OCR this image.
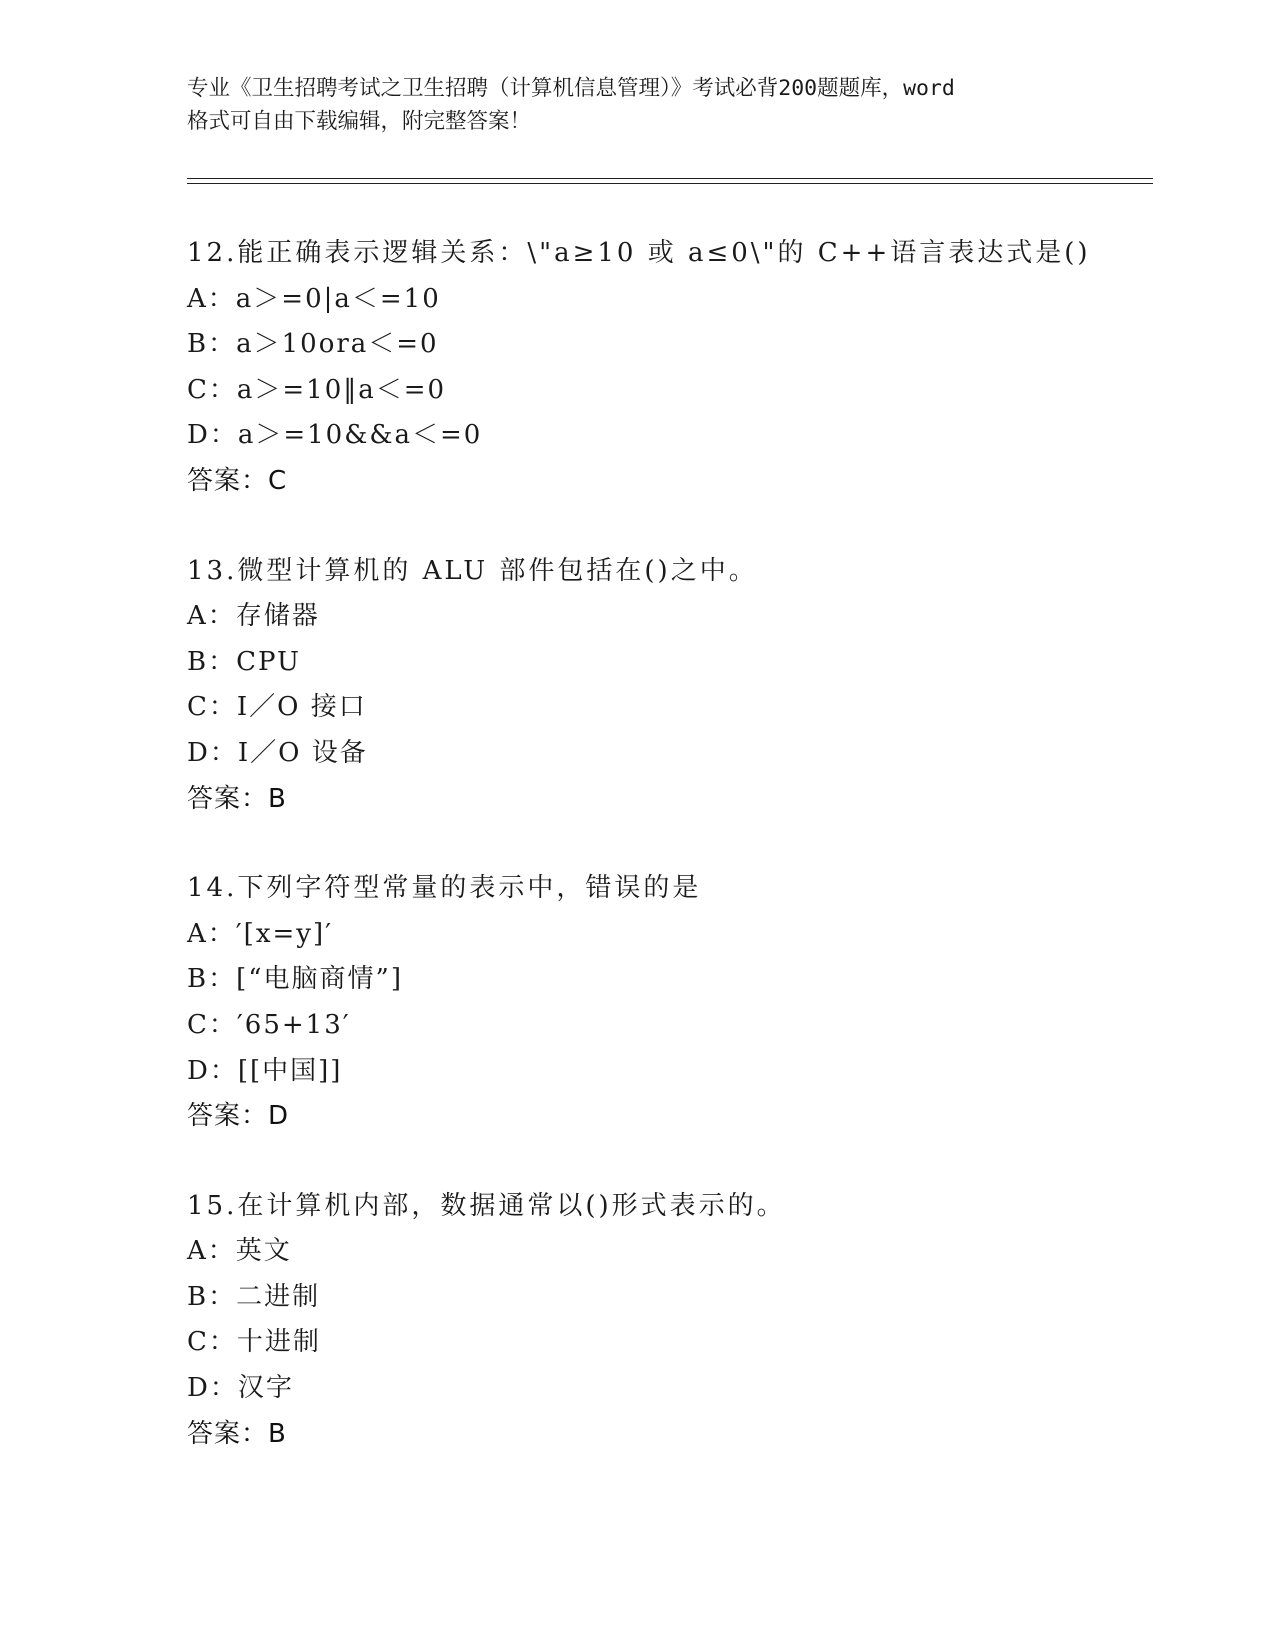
专业《卫生招聘考试之卫生招聘（计算机信息管理）》考试必背200题题库，word
格式可自由下载编辑，附完整答案！
12.能正确表示逻辑关系：\"a≥10 或 a≤0\"的 C++语言表达式是()
A：a＞=0|a＜=10
B：a＞10ora＜=0
C：a＞=10‖a＜=0
D：a＞=10&&a＜=0
答案：C
13.微型计算机的 ALU 部件包括在()之中。
A：存储器
B：CPU
C：I／O 接口
D：I／O 设备
答案：B
14.下列字符型常量的表示中，错误的是
A：′[x=y]′
B：[“电脑商情”]
C：′65+13′
D：[[中国]]
答案：D
15.在计算机内部，数据通常以()形式表示的。
A：英文
B：二进制
C：十进制
D：汉字
答案：B
